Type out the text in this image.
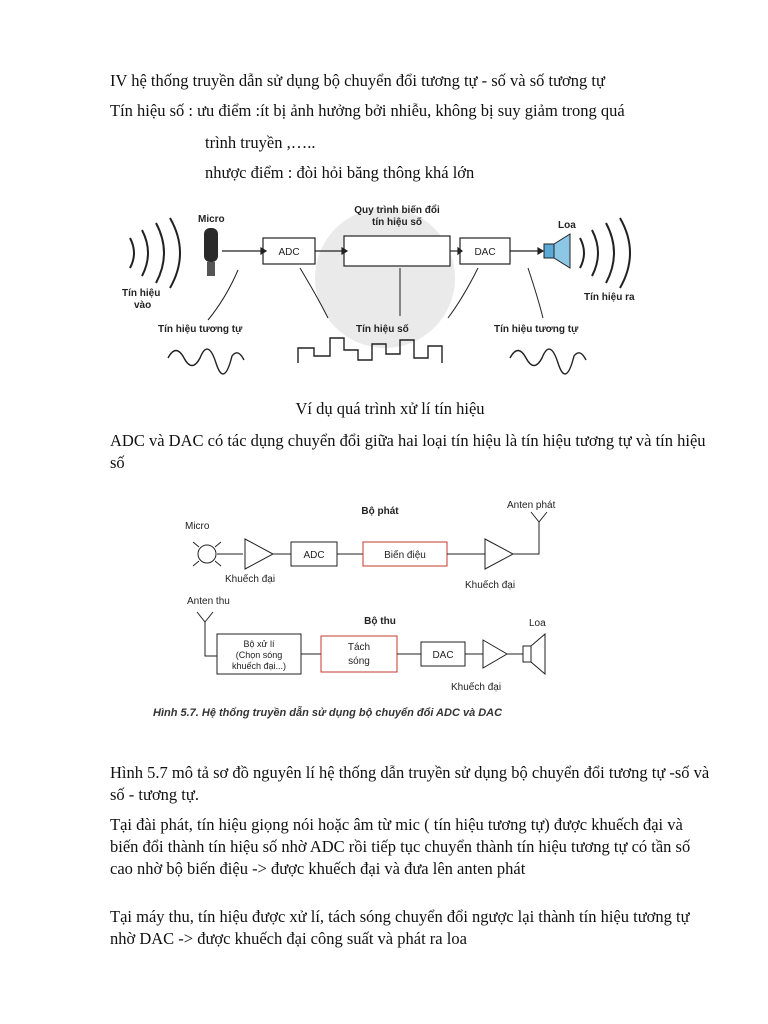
IV hệ thống truyền dẫn sử dụng bộ chuyển đổi tương tự - số và số tương tự
Tín hiệu số : ưu điểm :ít bị ảnh hưởng bởi nhiễu, không bị suy giảm trong quá
trình truyền ,…..
nhược điểm : đòi hỏi băng thông khá lớn
Micro
ADC
Quy trình biến đổi
tín hiệu số
DAC
Loa
Tín hiệu
vào
Tín hiệu ra
Tín hiệu tương tự	Tín hiệu số	Tín hiệu tương tự
Ví dụ quá trình xử lí tín hiệu
ADC và DAC có tác dụng chuyển đổi giữa hai loại tín hiệu là tín hiệu tương tự và tín hiệu số
Bộ phát
Micro
Khuếch đại
ADC	Biến điệu
Khuếch đại
Anten phát
Anten thu
Bộ thu
Bộ xử lí
(Chọn sóng
khuếch đại...)
Tách
sóng
DAC
Loa
Khuếch đại
Hình 5.7. Hệ thống truyền dẫn sử dụng bộ chuyển đổi ADC và DAC
Hình 5.7 mô tả sơ đồ nguyên lí hệ thống dẫn truyền sử dụng bộ chuyển đổi tương tự -số và số - tương tự.
Tại đài phát, tín hiệu giọng nói hoặc âm từ mic ( tín hiệu tương tự) được khuếch đại và biến đổi thành tín hiệu số nhờ ADC rồi tiếp tục chuyển thành tín hiệu tương tự có tần số cao nhờ bộ biến điệu -> được khuếch đại và đưa lên anten phát
Tại máy thu, tín hiệu được xử lí, tách sóng chuyển đổi ngược lại thành tín hiệu tương tự nhờ DAC -> được khuếch đại công suất và phát ra loa
